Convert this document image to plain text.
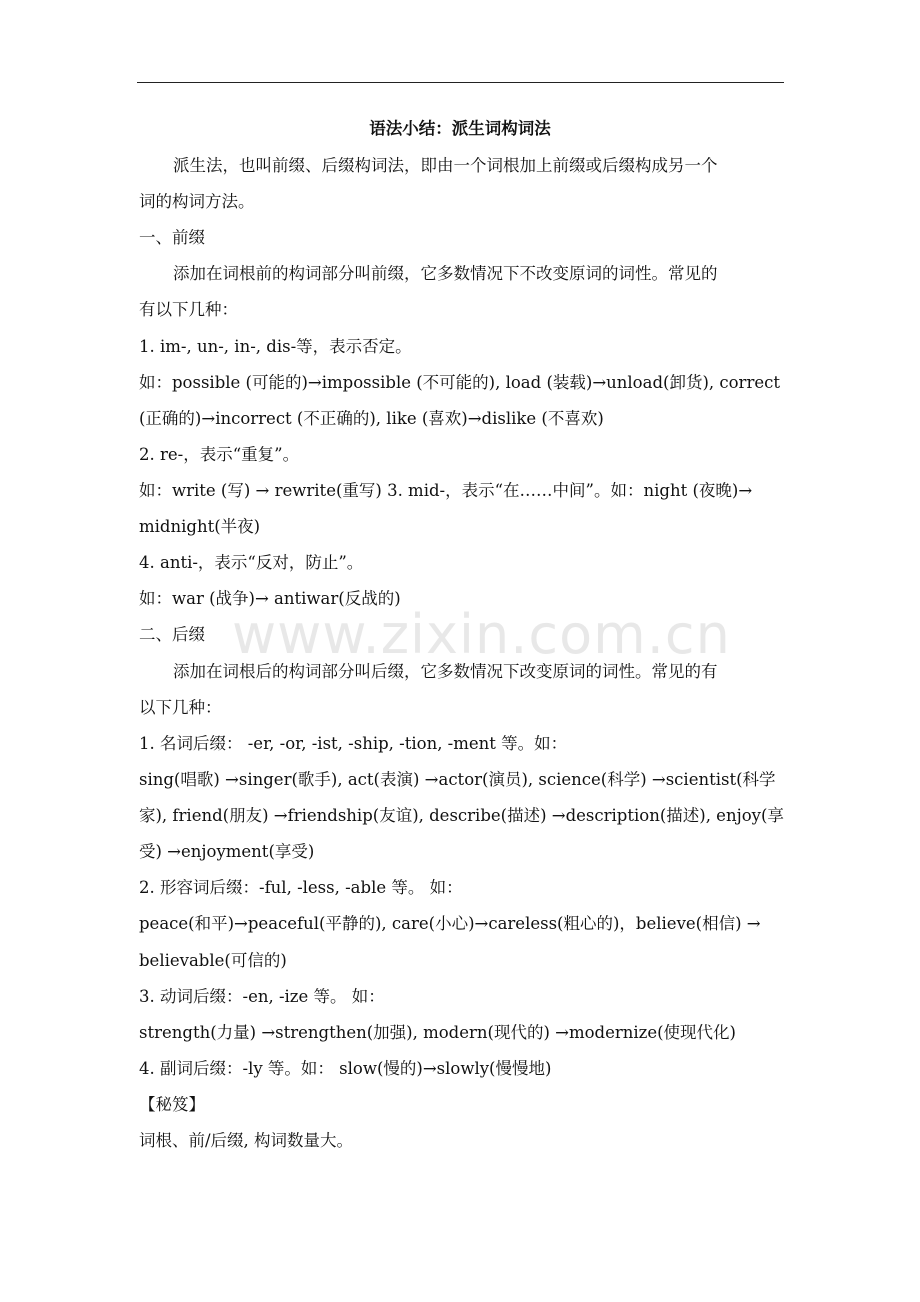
语法小结：派生词构词法
派生法，也叫前缀、后缀构词法，即由一个词根加上前缀或后缀构成另一个
词的构词方法。
一、前缀
添加在词根前的构词部分叫前缀，它多数情况下不改变原词的词性。常见的
有以下几种：
1. im-, un-, in-, dis-等，表示否定。
如：possible (可能的)→impossible (不可能的), load (装载)→unload(卸货), correct
(正确的)→incorrect (不正确的), like (喜欢)→dislike (不喜欢)
2. re-，表示“重复”。
如：write (写) → rewrite(重写) 3. mid-，表示“在……中间”。如：night (夜晚)→
midnight(半夜)
4. anti-，表示“反对，防止”。
如：war (战争)→ antiwar(反战的)
二、后缀
添加在词根后的构词部分叫后缀，它多数情况下改变原词的词性。常见的有
以下几种：
1. 名词后缀： -er, -or, -ist, -ship, -tion, -ment 等。如：
sing(唱歌) →singer(歌手), act(表演) →actor(演员), science(科学) →scientist(科学
家), friend(朋友) →friendship(友谊), describe(描述) →description(描述), enjoy(享
受) →enjoyment(享受)
2. 形容词后缀：-ful, -less, -able 等。 如：
peace(和平)→peaceful(平静的), care(小心)→careless(粗心的)，believe(相信) →
believable(可信的)
3. 动词后缀：-en, -ize 等。 如：
strength(力量) →strengthen(加强), modern(现代的) →modernize(使现代化)
4. 副词后缀：-ly 等。如： slow(慢的)→slowly(慢慢地)
【秘笈】
词根、前/后缀, 构词数量大。
www.zixin.com.cn
